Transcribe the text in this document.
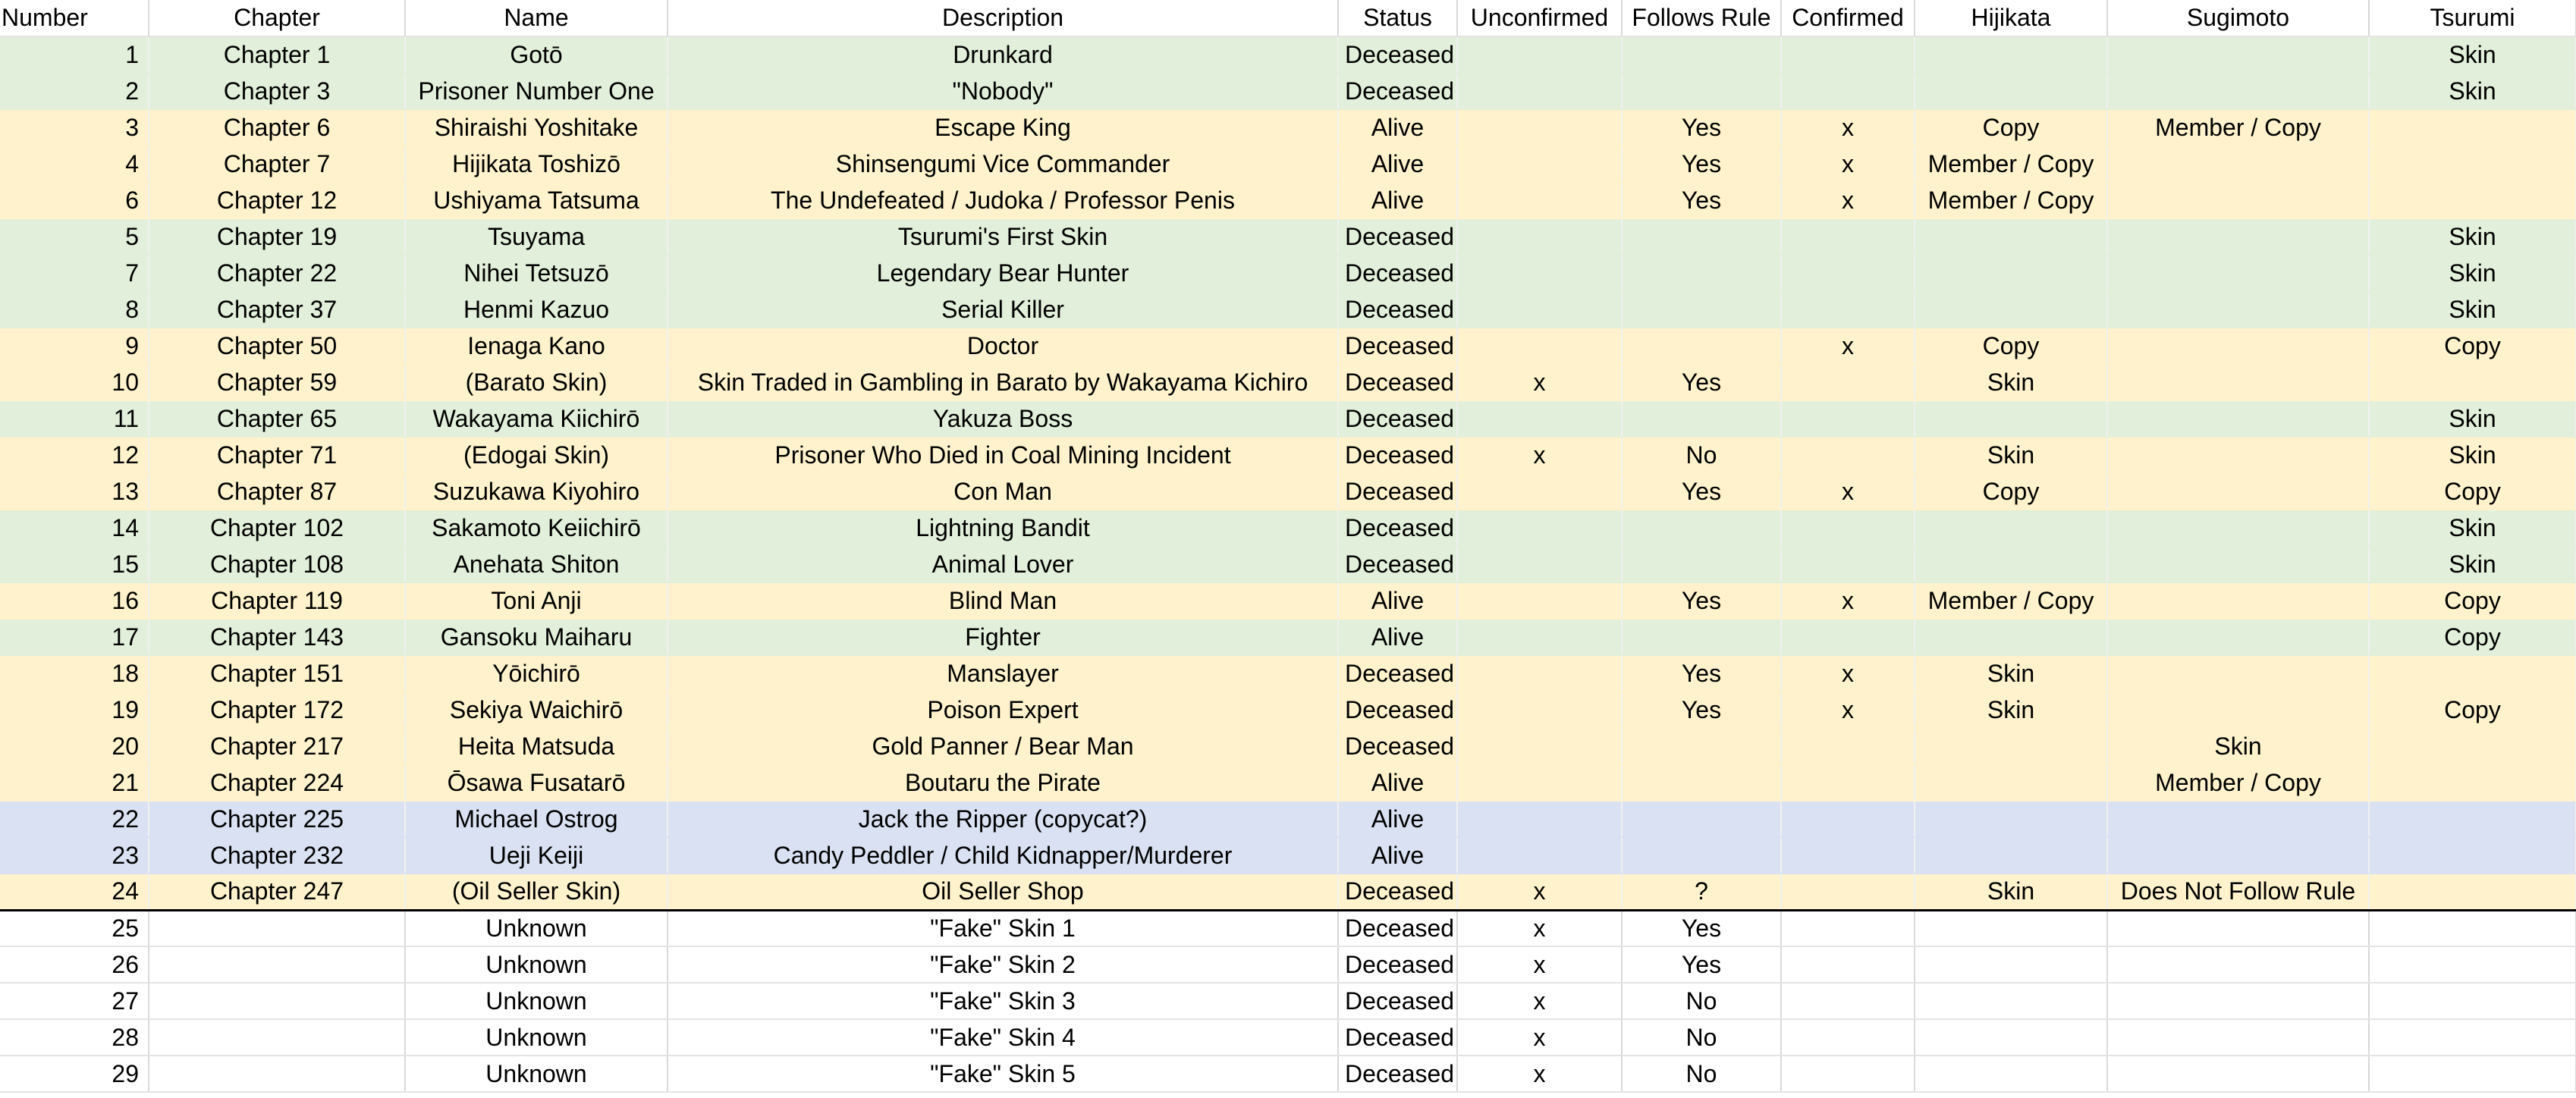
Number	Chapter	Name	Description	Status	Unconfirmed	Follows Rule	Confirmed	Hijikata	Sugimoto	Tsurumi
1	Chapter 1	Gotō	Drunkard	Deceased						Skin
2	Chapter 3	Prisoner Number One	"Nobody"	Deceased						Skin
3	Chapter 6	Shiraishi Yoshitake	Escape King	Alive		Yes	x	Copy	Member / Copy	
4	Chapter 7	Hijikata Toshizō	Shinsengumi Vice Commander	Alive		Yes	x	Member / Copy		
6	Chapter 12	Ushiyama Tatsuma	The Undefeated / Judoka / Professor Penis	Alive		Yes	x	Member / Copy		
5	Chapter 19	Tsuyama	Tsurumi's First Skin	Deceased						Skin
7	Chapter 22	Nihei Tetsuzō	Legendary Bear Hunter	Deceased						Skin
8	Chapter 37	Henmi Kazuo	Serial Killer	Deceased						Skin
9	Chapter 50	Ienaga Kano	Doctor	Deceased			x	Copy		Copy
10	Chapter 59	(Barato Skin)	Skin Traded in Gambling in Barato by Wakayama Kichiro	Deceased	x	Yes		Skin		
11	Chapter 65	Wakayama Kiichirō	Yakuza Boss	Deceased						Skin
12	Chapter 71	(Edogai Skin)	Prisoner Who Died in Coal Mining Incident	Deceased	x	No		Skin		Skin
13	Chapter 87	Suzukawa Kiyohiro	Con Man	Deceased		Yes	x	Copy		Copy
14	Chapter 102	Sakamoto Keiichirō	Lightning Bandit	Deceased						Skin
15	Chapter 108	Anehata Shiton	Animal Lover	Deceased						Skin
16	Chapter 119	Toni Anji	Blind Man	Alive		Yes	x	Member / Copy		Copy
17	Chapter 143	Gansoku Maiharu	Fighter	Alive						Copy
18	Chapter 151	Yōichirō	Manslayer	Deceased		Yes	x	Skin		
19	Chapter 172	Sekiya Waichirō	Poison Expert	Deceased		Yes	x	Skin		Copy
20	Chapter 217	Heita Matsuda	Gold Panner / Bear Man	Deceased					Skin	
21	Chapter 224	Ōsawa Fusatarō	Boutaru the Pirate	Alive					Member / Copy	
22	Chapter 225	Michael Ostrog	Jack the Ripper (copycat?)	Alive						
23	Chapter 232	Ueji Keiji	Candy Peddler / Child Kidnapper/Murderer	Alive						
24	Chapter 247	(Oil Seller Skin)	Oil Seller Shop	Deceased	x	?		Skin	Does Not Follow Rule	
25		Unknown	"Fake" Skin 1	Deceased	x	Yes				
26		Unknown	"Fake" Skin 2	Deceased	x	Yes				
27		Unknown	"Fake" Skin 3	Deceased	x	No				
28		Unknown	"Fake" Skin 4	Deceased	x	No				
29		Unknown	"Fake" Skin 5	Deceased	x	No				
